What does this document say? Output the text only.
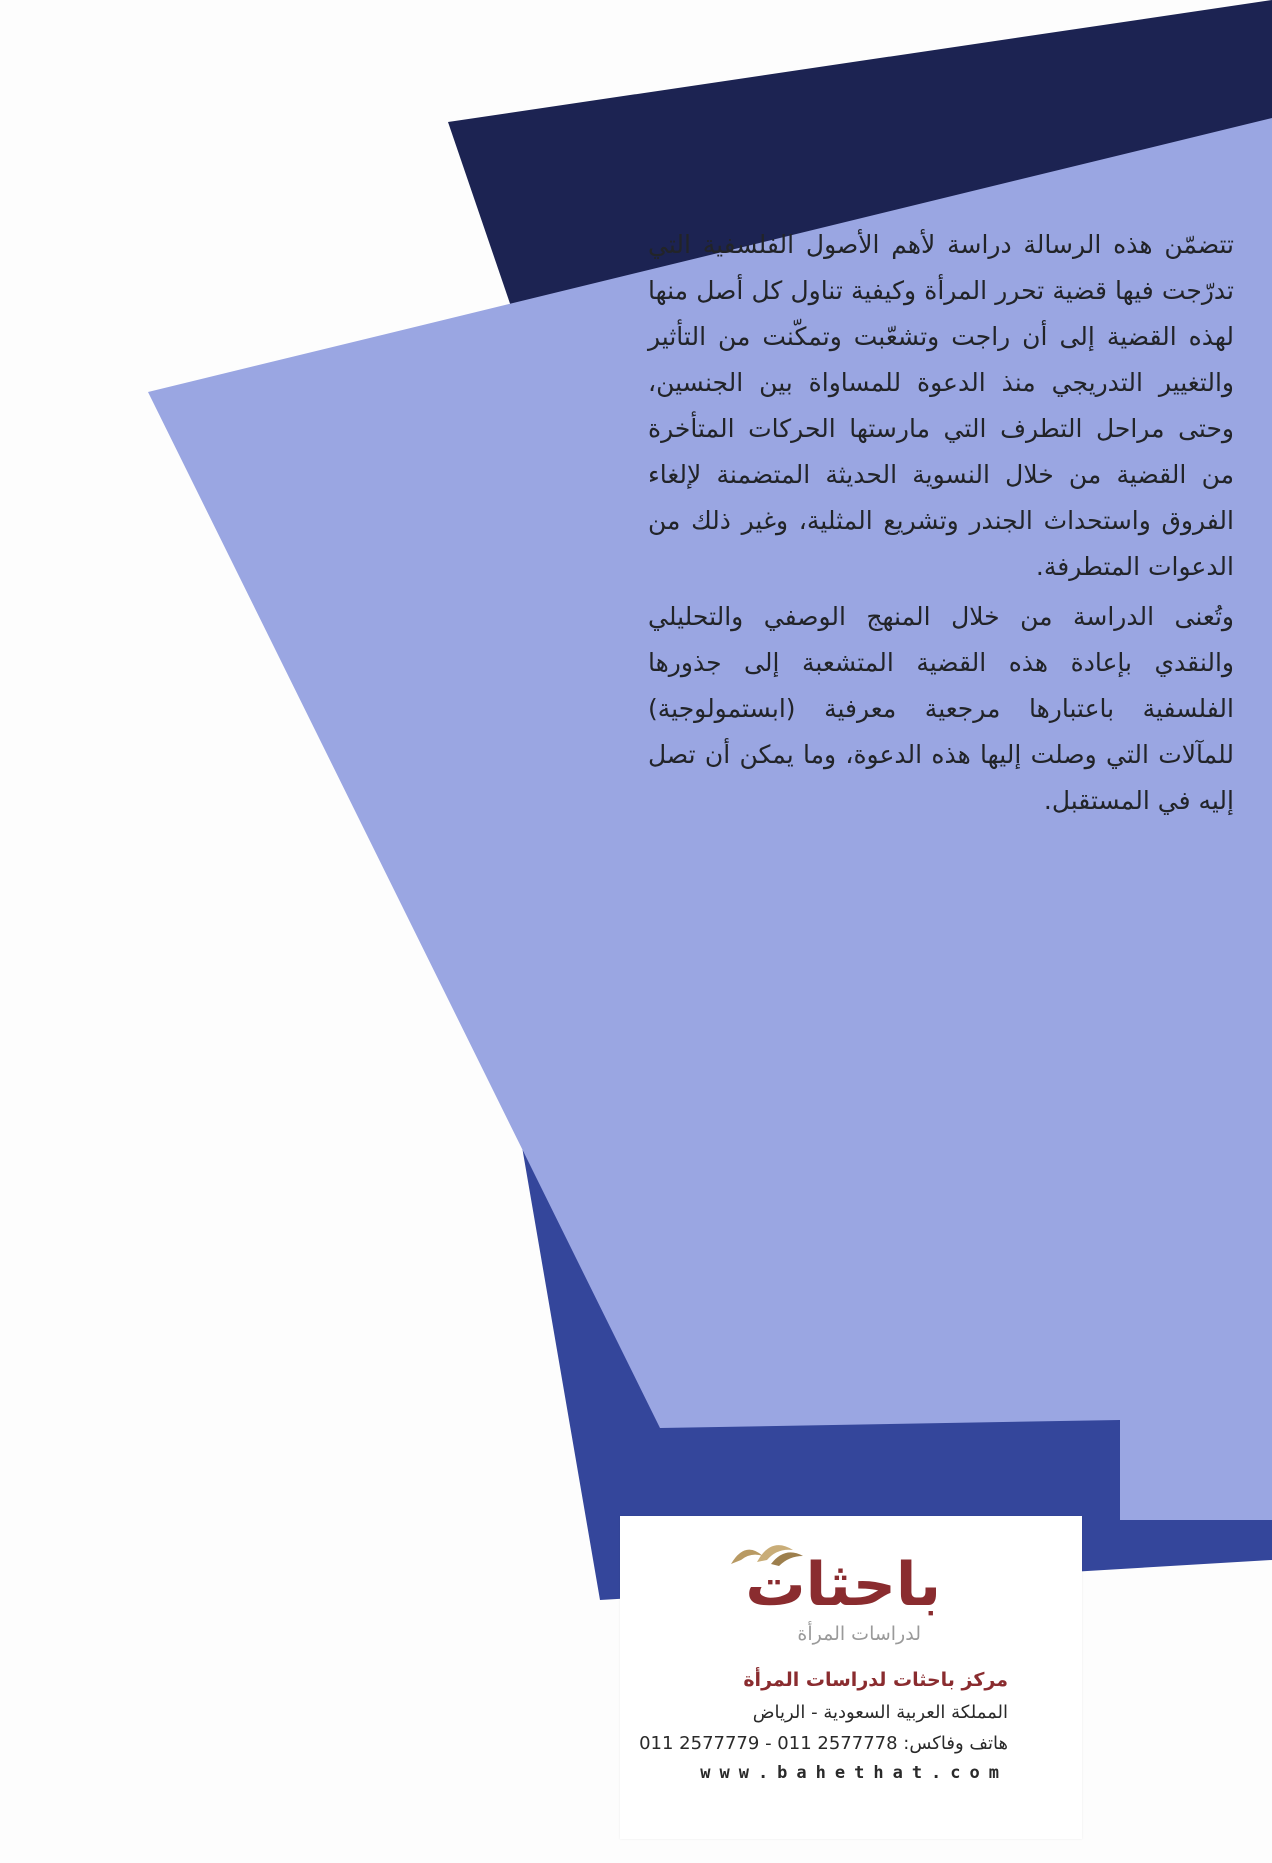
تتضمّن هذه الرسالة دراسة لأهم الأصول الفلسفية التي تدرّجت فيها قضية تحرر المرأة وكيفية تناول كل أصل منها لهذه القضية إلى أن راجت وتشعّبت وتمكّنت من التأثير والتغيير التدريجي منذ الدعوة للمساواة بين الجنسين، وحتى مراحل التطرف التي مارستها الحركات المتأخرة من القضية من خلال النسوية الحديثة المتضمنة لإلغاء الفروق واستحداث الجندر وتشريع المثلية، وغير ذلك من الدعوات المتطرفة.

وتُعنى الدراسة من خلال المنهج الوصفي والتحليلي والنقدي بإعادة هذه القضية المتشعبة إلى جذورها الفلسفية باعتبارها مرجعية معرفية (ابستمولوجية) للمآلات التي وصلت إليها هذه الدعوة، وما يمكن أن تصل إليه في المستقبل.

باحثات
لدراسات المرأة
مركز باحثات لدراسات المرأة
المملكة العربية السعودية - الرياض
هاتف وفاكس: 2577778 011 - 2577779 011
www.bahethat.com
